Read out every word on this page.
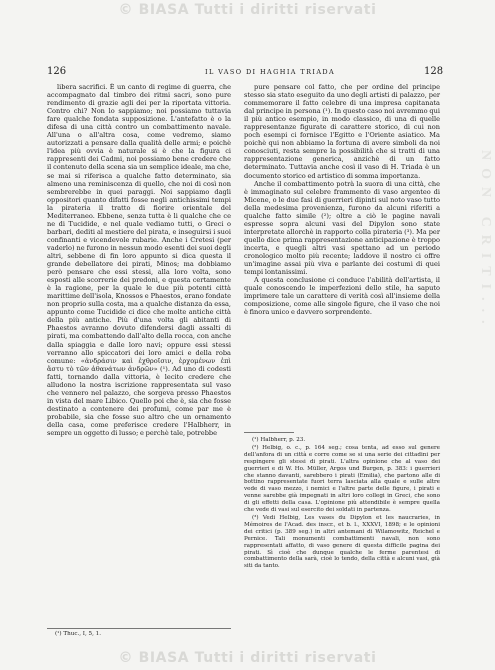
© BIASA Tutti i diritti riservati
NON CRITI...
126	IL VASO DI HAGHIA TRIADA	128

libera sacrifici. È un canto di regime di guerra, che accompagnato dal timbro dei ritmi sacri, sono pure rendimento di grazie agli dei per la riportata vittoria. Contro chi? Non lo sappiamo; noi possiamo tuttavia fare qualche fondata supposizione. L'antefatto è o la difesa di una città contro un combattimento navale. All'una o all'altra cosa, come vedremo, siamo autorizzati a pensare dalla qualità delle armi; e poichè l'idea più ovvia è naturale si è che la figura ci rappresenti dei Cadmi, noi possiamo bene credere che il contenuto della scena sia un semplice ideale, ma che, se mai si riferisca a qualche fatto determinato, sia almeno una reminiscenza di quello, che noi di così non sembrerebbe in quei paraggi. Noi sappiamo dagli oppositori quanto difatti fosse negli antichissimi tempi la pirateria il tratto di fiorire orientale del Mediterraneo. Ebbene, senza tutta è li qualche che ce ne di Tucidide, e nel quale vediamo tutti, o Greci o barbari, dediti al mestiere del pirata, e inseguirsi i suoi confinanti e vicendevole rubarie. Anche i Cretesi (per vaderlo) ne furono in nessun modo esenti dei suoi degli altri, sebbene di fin loro appunto si dica questa il grande debellatore dei pirati, Minos; ma dobbiamo però pensare che essi stessi, alla loro volta, sono esposti alle scorrerie dei predoni, e questa certamente è la ragione, per la quale le due più potenti città marittime dell'isola, Knossos e Phaestos, erano fondate non proprio sulla costa, ma a qualche distanza da essa, appunto come Tucidide ci dice che molte antiche città della più antiche. Più d'una volta gli abitanti di Phaestos avranno dovuto difendersi dagli assalti di pirati, ma combattendo dall'alto della rocca, con anche dalla spiaggia e dalle loro navi; oppure essi stessi verranno allo spiccatori dei loro amici e della roba comune: «ἀνδράσιν καὶ ἐχθροῖσιν, ἐρχομένων ἐπὶ ἄστυ τὸ τῶν ἀθανάτων ἀνδρῶν» (¹). Ad uno di codesti fatti, tornando dalla vittoria, è lecito credere che alludono la nostra iscrizione rappresentata sul vaso che vennero nel palazzo, che sorgeva presso Phaestos in vista del mare Libico. Quello poi che è, sia che fosse destinato a contenere dei profumi, come par me è probabile, sia che fosse suo altro che un ornamento della casa, come preferisce credere l'Halbherr, in sempre un oggetto di lusso; e perchè tale, potrebbe

pure pensare col fatto, che per ordine del principe stesso sia stato eseguito da uno degli artisti di palazzo, per commemorare il fatto celebre di una impresa capitanata dal principe in persona (¹). In questo caso noi avremmo qui il più antico esempio, in modo classico, di una di quelle rappresentanze figurate di carattere storico, di cui non poch esempi ci fornisce l'Egitto e l'Oriente asiatico. Ma poichè qui non abbiamo la fortuna di avere simboli da noi conosciuti, resta sempre la possibilità che si tratti di una rappresentazione generica, anzichè di un fatto determinato. Tuttavia anche così il vaso di H. Triada è un documento storico ed artistico di somma importanza.

Anche il combattimento potrà la suora di una città, che è immaginato sul celebre frammento di vaso argenteo di Micene, o le due fasi di guerrieri dipinti sul noto vaso tutto della medesima provenienza, furono da alcuni riferiti a qualche fatto simile (²); oltre a ciò le pagine navali espresse sopra alcuni vasi del Dipylon sono state interpretate allorchè in rapporto colla pirateria (³). Ma per quello dice prima rappresentazione anticipazione è troppo incerta, e quegli altri vasi spettano ad un periodo cronologico molto più recente; laddove il nostro ci offre un'imagine assai più viva e parlante dei costumi di quei tempi lontanissimi.

A questa conclusione ci conduce l'abilità dell'artista, il quale conoscendo le imperfezioni dello stile, ha saputo imprimere tale un carattere di verità così all'insieme della composizione, come alle singole figure, che il vaso che noi è finora unico e davvero sorprendente.

(¹) Halbherr, p. 23.

(²) Helbig, o. c., p. 164 seg.; cosa tenta, ad esso sul genere dell'anfora di un città e corre come se si una serie dei cittadini per respingere gli stessi di pirati. L'altra opinione che al vaso dei guerrieri e di W. Ho. Müller, Argos und Burgen, p. 383: i guerrieri che stanno davanti, sarebbero i pirati (Emilia), che partono alle di bottino rappresentate fuori terra lasciata alla quale e sulle altre vede di vaso mezzo, i nemici e l'altre parte delle figure, i pirati e venne sarebbe già impegnati in altri loro collegi in Greci, che sono di gli effetti della casa. L'opinione più attendibile è sempre quella che vede di vasi sul esercito dei soldati in partenza.

(³) Vedi Helbig, Les vases du Dipylon et les naucraries, in Mémoires de l'Acad. des inscr., et b. l., XXXVI, 1898; e le opinioni dei critici (p. 389 seg.) in altri antemani di Wilamowitz, Reichel e Pernice. Tali monumenti combattimenti navali, non sono rappresentati affatto, di vaso genere di questa difficile pagina dei pirati. Sì cioè che dunque qualche le ferme parentesi di combattimento della sarà, cioè lo tendo, della città e alcuni vasi, già siti da tanto.

(¹) Thuc., I, 5, 1.

© BIASA Tutti i diritti riservati
